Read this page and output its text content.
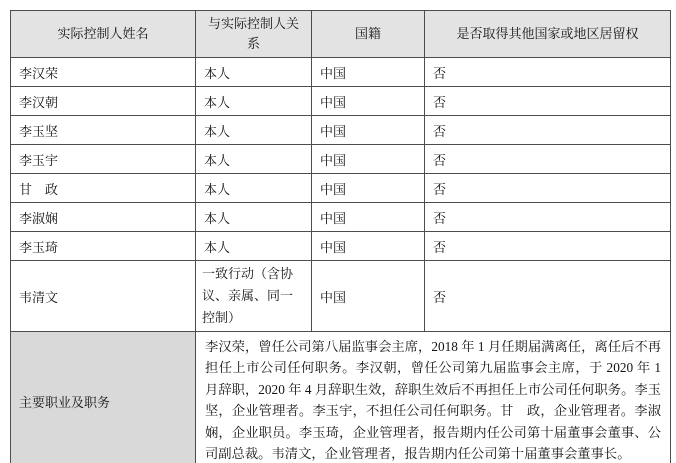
实际控制人姓名	与实际控制人关系	国籍	是否取得其他国家或地区居留权
李汉荣	本人	中国	否
李汉朝	本人	中国	否
李玉坚	本人	中国	否
李玉宇	本人	中国	否
甘　政	本人	中国	否
李淑娴	本人	中国	否
李玉琦	本人	中国	否
韦清文	一致行动（含协议、亲属、同一控制）	中国	否
主要职业及职务	李汉荣，曾任公司第八届监事会主席，2018 年 1 月任期届满离任，离任后不再担任上市公司任何职务。李汉朝，曾任公司第九届监事会主席，于 2020 年 1 月辞职，2020 年 4 月辞职生效，辞职生效后不再担任上市公司任何职务。李玉坚，企业管理者。李玉宇，不担任公司任何职务。甘　政，企业管理者。李淑娴，企业职员。李玉琦，企业管理者，报告期内任公司第十届董事会董事、公司副总裁。韦清文，企业管理者，报告期内任公司第十届董事会董事长。		
